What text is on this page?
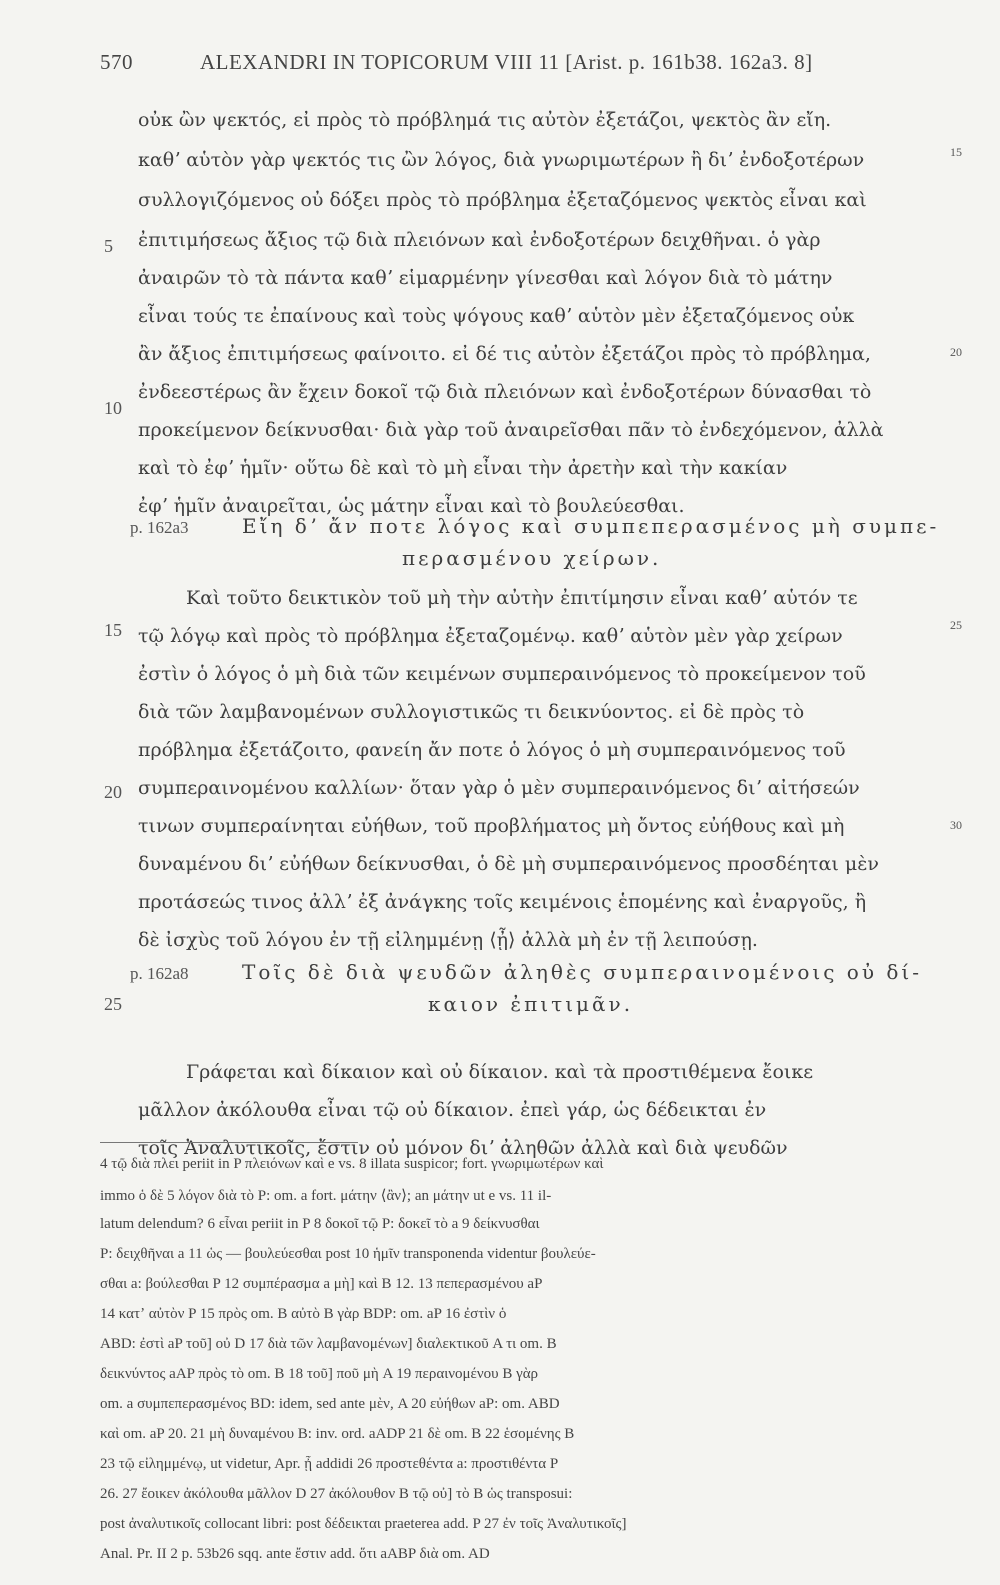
570	ALEXANDRI IN TOPICORUM VIII 11 [Arist. p. 161b38. 162a3. 8]
5
10
15
20
25
15
20
25
30
οὐκ ὢν ψεκτός, εἰ πρὸς τὸ πρόβλημά τις αὐτὸν ἐξετάζοι, ψεκτὸς ἂν εἴη.
καθʼ αὑτὸν γὰρ ψεκτός τις ὢν λόγος, διὰ γνωριμωτέρων ἢ διʼ ἐνδοξοτέρων
συλλογιζόμενος οὐ δόξει πρὸς τὸ πρόβλημα ἐξεταζόμενος ψεκτὸς εἶναι καὶ
ἐπιτιμήσεως ἄξιος τῷ διὰ πλειόνων καὶ ἐνδοξοτέρων δειχθῆναι. ὁ γὰρ
ἀναιρῶν τὸ τὰ πάντα καθʼ εἱμαρμένην γίνεσθαι καὶ λόγον διὰ τὸ μάτην
εἶναι τούς τε ἐπαίνους καὶ τοὺς ψόγους καθʼ αὑτὸν μὲν ἐξεταζόμενος οὐκ
ἂν ἄξιος ἐπιτιμήσεως φαίνοιτο. εἰ δέ τις αὐτὸν ἐξετάζοι πρὸς τὸ πρόβλημα,
ἐνδεεστέρως ἂν ἔχειν δοκοῖ τῷ διὰ πλειόνων καὶ ἐνδοξοτέρων δύνασθαι τὸ
προκείμενον δείκνυσθαι· διὰ γὰρ τοῦ ἀναιρεῖσθαι πᾶν τὸ ἐνδεχόμενον, ἀλλὰ
καὶ τὸ ἐφʼ ἡμῖν· οὕτω δὲ καὶ τὸ μὴ εἶναι τὴν ἀρετὴν καὶ τὴν κακίαν
ἐφʼ ἡμῖν ἀναιρεῖται, ὡς μάτην εἶναι καὶ τὸ βουλεύεσθαι.
Καὶ τοῦτο δεικτικὸν τοῦ μὴ τὴν αὐτὴν ἐπιτίμησιν εἶναι καθʼ αὑτόν τε
τῷ λόγῳ καὶ πρὸς τὸ πρόβλημα ἐξεταζομένῳ. καθʼ αὑτὸν μὲν γὰρ χείρων
ἐστὶν ὁ λόγος ὁ μὴ διὰ τῶν κειμένων συμπεραινόμενος τὸ προκείμενον τοῦ
διὰ τῶν λαμβανομένων συλλογιστικῶς τι δεικνύοντος. εἰ δὲ πρὸς τὸ
πρόβλημα ἐξετάζοιτο, φανείη ἄν ποτε ὁ λόγος ὁ μὴ συμπεραινόμενος τοῦ
συμπεραινομένου καλλίων· ὅταν γὰρ ὁ μὲν συμπεραινόμενος διʼ αἰτήσεών
τινων συμπεραίνηται εὐήθων, τοῦ προβλήματος μὴ ὄντος εὐήθους καὶ μὴ
δυναμένου διʼ εὐήθων δείκνυσθαι, ὁ δὲ μὴ συμπεραινόμενος προσδέηται μὲν
προτάσεώς τινος ἀλλʼ ἐξ ἀνάγκης τοῖς κειμένοις ἑπομένης καὶ ἐναργοῦς, ἢ
δὲ ἰσχὺς τοῦ λόγου ἐν τῇ εἰλημμένῃ ⟨ᾖ⟩ ἀλλὰ μὴ ἐν τῇ λειπούσῃ.
Γράφεται καὶ δίκαιον καὶ οὐ δίκαιον. καὶ τὰ προστιθέμενα ἔοικε
μᾶλλον ἀκόλουθα εἶναι τῷ οὐ δίκαιον. ἐπεὶ γάρ, ὡς δέδεικται ἐν
τοῖς Ἀναλυτικοῖς, ἔστιν οὐ μόνον διʼ ἀληθῶν ἀλλὰ καὶ διὰ ψευδῶν
p. 162a3	Εἴη δʼ ἄν ποτε λόγος καὶ συμπεπερασμένος μὴ συμπε-
περασμένου χείρων.
p. 162a8	Τοῖς δὲ διὰ ψευδῶν ἀληθὲς συμπεραινομένοις οὐ δί-
καιον ἐπιτιμᾶν.
4 τῷ διὰ πλει periit in P πλειόνων καὶ e vs. 8 illata suspicor; fort. γνωριμωτέρων καὶ
immo ὁ δὲ 5 λόγον διὰ τὸ P: om. a fort. μάτην ⟨ἂν⟩; an μάτην ut e vs. 11 il-
latum delendum? 6 εἶναι periit in P 8 δοκοῖ τῷ P: δοκεῖ τὸ a 9 δείκνυσθαι
P: δειχθῆναι a 11 ὡς — βουλεύεσθαι post 10 ἡμῖν transponenda videntur βουλεύε-
σθαι a: βούλεσθαι P 12 συμπέρασμα a μὴ] καὶ B 12. 13 πεπερασμένου aP
14 κατʼ αὐτὸν P 15 πρὸς om. B αὐτὸ B γὰρ BDP: om. aP 16 ἐστὶν ὁ
ABD: ἐστὶ aP τοῦ] οὐ D 17 διὰ τῶν λαμβανομένων] διαλεκτικοῦ A τι om. B
δεικνύντος aAP πρὸς τὸ om. B 18 τοῦ] ποῦ μὴ A 19 περαινομένου B γὰρ
om. a συμπεπερασμένος BD: idem, sed ante μὲν, A 20 εὐήθων aP: om. ABD
καὶ om. aP 20. 21 μὴ δυναμένου B: inv. ord. aADP 21 δὲ om. B 22 ἑσομένης B
23 τῷ εἰλημμένῳ, ut videtur, Apr. ᾖ addidi 26 προστεθέντα a: προστιθέντα P
26. 27 ἔοικεν ἀκόλουθα μᾶλλον D 27 ἀκόλουθον B τῷ οὐ] τὸ B ὡς transposui:
post ἀναλυτικοῖς collocant libri: post δέδεικται praeterea add. P 27 ἐν τοῖς Ἀναλυτικοῖς]
Anal. Pr. II 2 p. 53b26 sqq. ante ἔστιν add. ὅτι aABP διὰ om. AD
